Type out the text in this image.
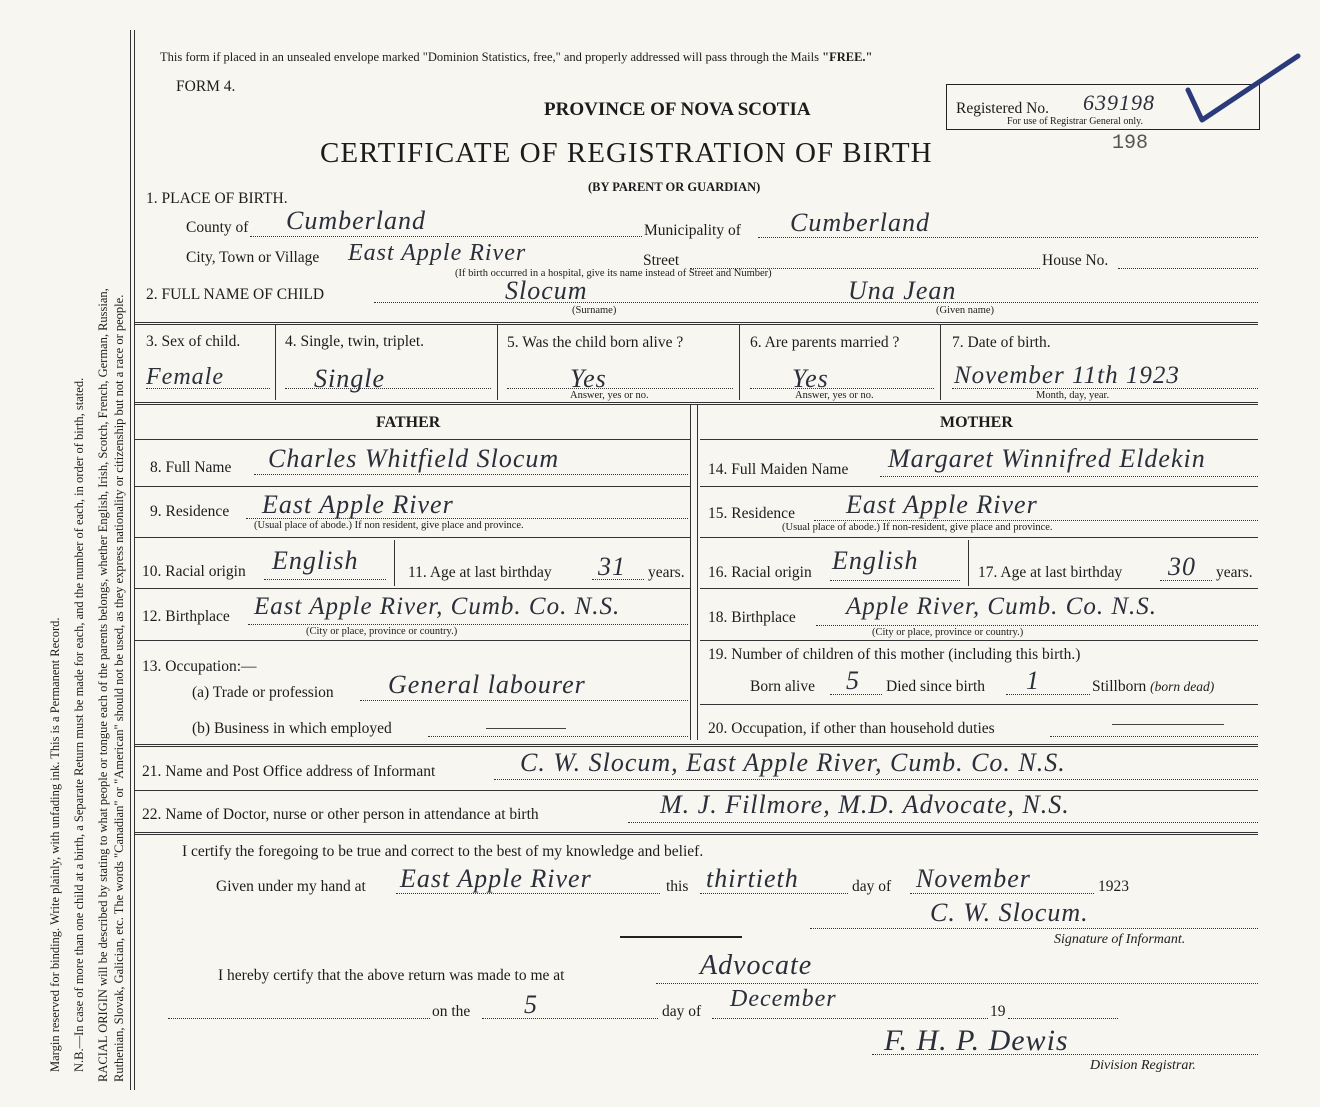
Margin reserved for binding. Write plainly, with unfading ink. This is a Permanent Record. N.B.—In case of more than one child at a birth, a Separate Return must be made for each, and the number of each, in order of birth, stated. RACIAL ORIGIN will be described by stating to what people or tongue each of the parents belongs, whether English, Irish, Scotch, French, German, Russian, Ruthenian, Slovak, Galician, etc. The words "Canadian" or "American" should not be used, as they express nationality or citizenship but not a race or people.
This form if placed in an unsealed envelope marked "Dominion Statistics, free," and properly addressed will pass through the Mails "FREE."
FORM 4.
PROVINCE OF NOVA SCOTIA
CERTIFICATE OF REGISTRATION OF BIRTH
(BY PARENT OR GUARDIAN)
Registered No. 639198
For use of Registrar General only.
198
1. PLACE OF BIRTH.
County of Cumberland	Municipality of Cumberland
City, Town or Village East Apple River	Street	House No.
(If birth occurred in a hospital, give its name instead of Street and Number)
2. FULL NAME OF CHILD	Slocum
(Surname)
Una Jean
(Given name)
3. Sex of child.
Female
4. Single, twin, triplet.
Single
5. Was the child born alive ?
Yes
Answer, yes or no.
6. Are parents married ?
Yes
Answer, yes or no.
7. Date of birth.
November 11th 1923
Month, day, year.
FATHER	MOTHER
8. Full Name Charles Whitfield Slocum
9. Residence East Apple River
(Usual place of abode.) If non resident, give place and province.
10. Racial origin English	11. Age at last birthday 31 years.
12. Birthplace East Apple River, Cumb. Co. N.S.
(City or place, province or country.)
13. Occupation:—
(a) Trade or profession General labourer
(b) Business in which employed
14. Full Maiden Name Margaret Winnifred Eldekin
15. Residence East Apple River
(Usual place of abode.) If non-resident, give place and province.
16. Racial origin English	17. Age at last birthday 30 years.
18. Birthplace Apple River, Cumb. Co. N.S.
(City or place, province or country.)
19. Number of children of this mother (including this birth.)
Born alive 5 Died since birth 1	Stillborn (born dead)
20. Occupation, if other than household duties
21. Name and Post Office address of Informant	C. W. Slocum, East Apple River, Cumb. Co. N.S.
22. Name of Doctor, nurse or other person in attendance at birth	M. J. Fillmore, M.D. Advocate, N.S.
I certify the foregoing to be true and correct to the best of my knowledge and belief.
Given under my hand at East Apple River	this thirtieth	day of November	1923
C. W. Slocum.
Signature of Informant.
I hereby certify that the above return was made to me at	Advocate
on the 5	day of December	19
F. H. P. Dewis
Division Registrar.
